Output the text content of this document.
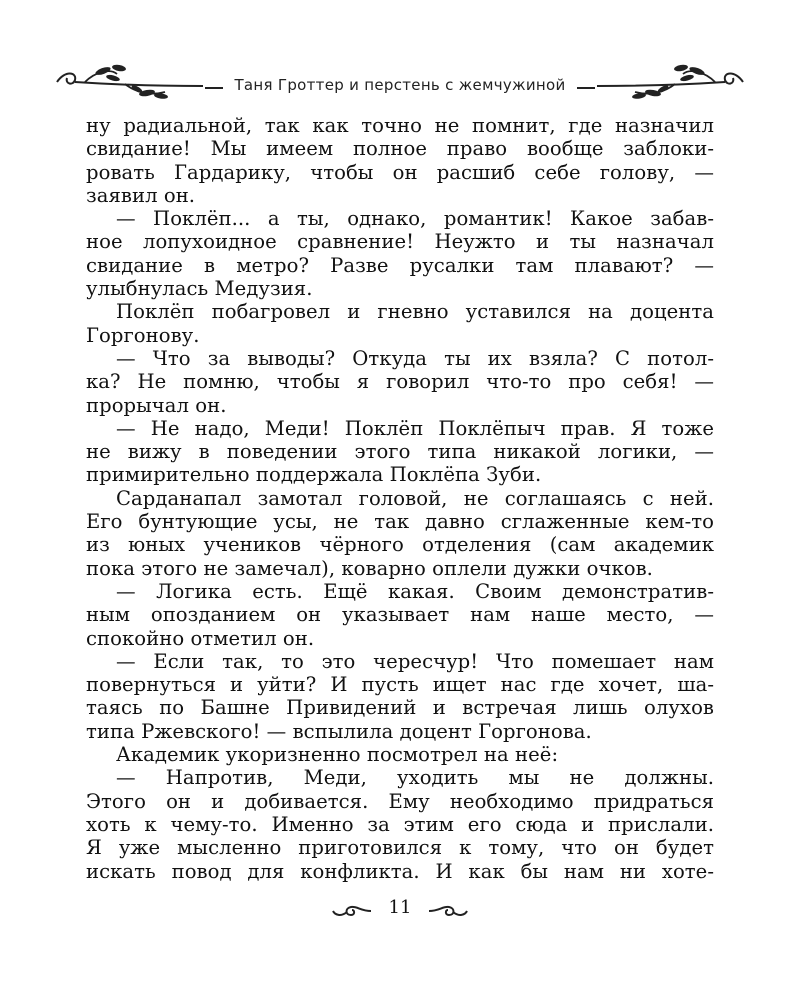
Таня Гроттер и перстень с жемчужиной
ну радиальной, так как точно не помнит, где назначил
свидание! Мы имеем полное право вообще заблоки-
ровать Гардарику, чтобы он расшиб себе голову, —
заявил он.
— Поклёп... а ты, однако, романтик! Какое забав-
ное лопухоидное сравнение! Неужто и ты назначал
свидание в метро? Разве русалки там плавают? —
улыбнулась Медузия.
Поклёп побагровел и гневно уставился на доцента
Горгонову.
— Что за выводы? Откуда ты их взяла? С потол-
ка? Не помню, чтобы я говорил что-то про себя! —
прорычал он.
— Не надо, Меди! Поклёп Поклёпыч прав. Я тоже
не вижу в поведении этого типа никакой логики, —
примирительно поддержала Поклёпа Зуби.
Сарданапал замотал головой, не соглашаясь с ней.
Его бунтующие усы, не так давно сглаженные кем-то
из юных учеников чёрного отделения (сам академик
пока этого не замечал), коварно оплели дужки очков.
— Логика есть. Ещё какая. Своим демонстратив-
ным опозданием он указывает нам наше место, —
спокойно отметил он.
— Если так, то это чересчур! Что помешает нам
повернуться и уйти? И пусть ищет нас где хочет, ша-
таясь по Башне Привидений и встречая лишь олухов
типа Ржевского! — вспылила доцент Горгонова.
Академик укоризненно посмотрел на неё:
— Напротив, Меди, уходить мы не должны.
Этого он и добивается. Ему необходимо придраться
хоть к чему-то. Именно за этим его сюда и прислали.
Я уже мысленно приготовился к тому, что он будет
искать повод для конфликта. И как бы нам ни хоте-
11
